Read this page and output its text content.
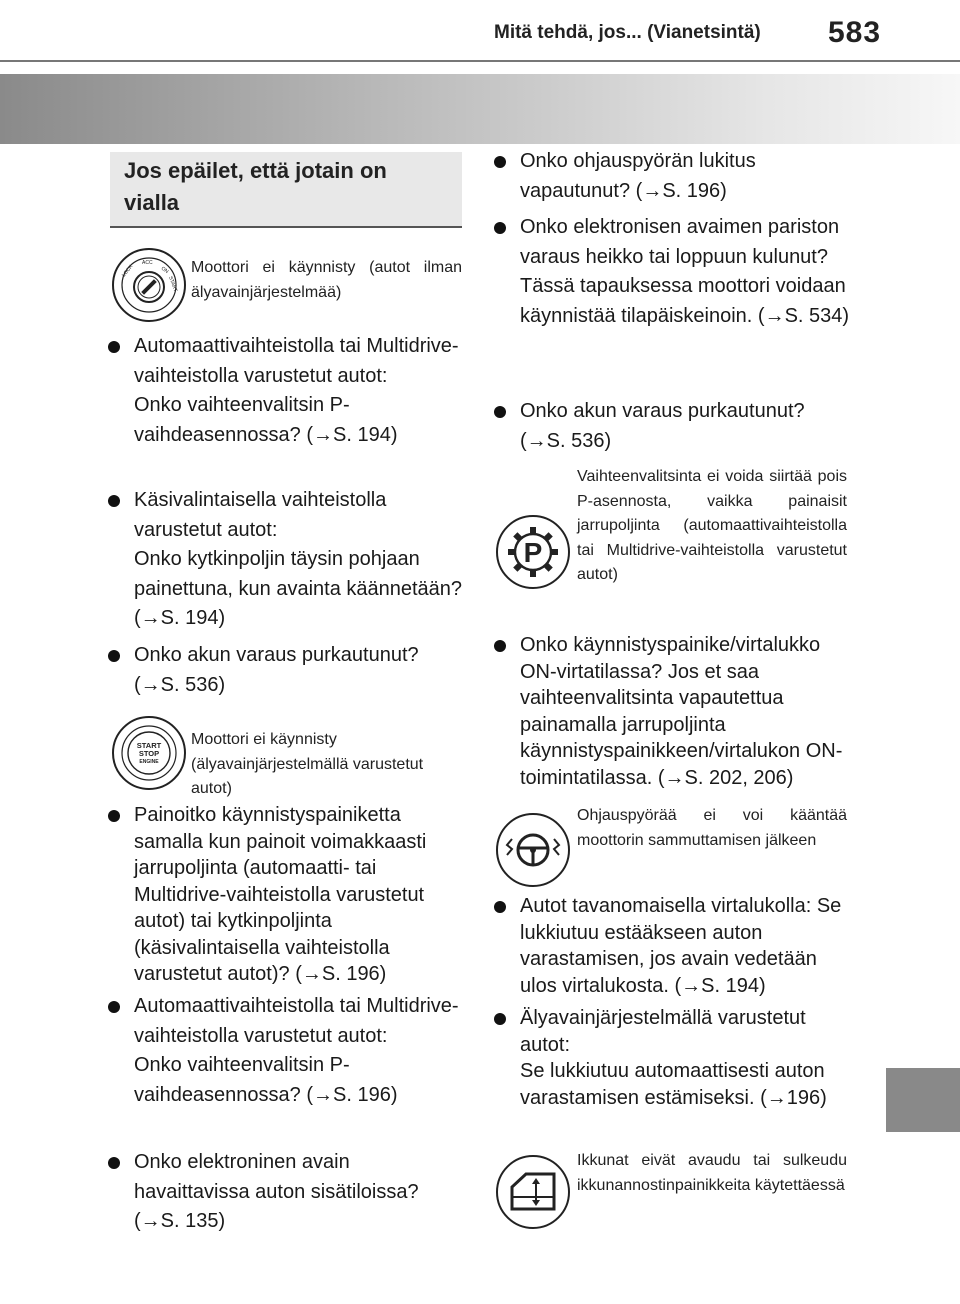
Mitä tehdä, jos... (Vianetsintä) 583
Jos epäilet, että jotain on vialla
LOCK
ACC
ON
START
Moottori ei käynnisty (autot ilman älyavainjärjestelmää)
Automaattivaihteistolla tai Multidrive-vaihteistolla varustetut autot:
Onko vaihteenvalitsin P-vaihdeasennossa? (→S. 194)
Käsivalintaisella vaihteistolla varustetut autot:
Onko kytkinpoljin täysin pohjaan painettuna, kun avainta käännetään? (→S. 194)
Onko akun varaus purkautunut? (→S. 536)
START
STOP
ENGINE
Moottori ei käynnisty (älyavainjärjestelmällä varustetut autot)
Painoitko käynnistyspainiketta samalla kun painoit voimakkaasti jarrupoljinta (automaatti- tai Multidrive-vaihteistolla varustetut autot) tai kytkinpoljinta (käsivalintaisella vaihteistolla varustetut autot)? (→S. 196)
Automaattivaihteistolla tai Multidrive-vaihteistolla varustetut autot:
Onko vaihteenvalitsin P-vaihdeasennossa? (→S. 196)
Onko elektroninen avain havaittavissa auton sisätiloissa? (→S. 135)
Onko ohjauspyörän lukitus vapautunut? (→S. 196)
Onko elektronisen avaimen pariston varaus heikko tai loppuun kulunut?
Tässä tapauksessa moottori voidaan käynnistää tilapäiskeinoin. (→S. 534)
Onko akun varaus purkautunut? (→S. 536)
P
Vaihteenvalitsinta ei voida siirtää pois P-asennosta, vaikka painaisit jarrupoljinta (automaattivaihteistolla tai Multidrive-vaihteistolla varustetut autot)
Onko käynnistyspainike/virtalukko ON-virtatilassa? Jos et saa vaihteenvalitsinta vapautettua painamalla jarrupoljinta käynnistyspainikkeen/virtalukon ON-toimintatilassa. (→S. 202, 206)
Ohjauspyörää ei voi kääntää moottorin sammuttamisen jälkeen
Autot tavanomaisella virtalukolla: Se lukkiutuu estääkseen auton varastamisen, jos avain vedetään ulos virtalukosta. (→S. 194)
Älyavainjärjestelmällä varustetut autot:
Se lukkiutuu automaattisesti auton varastamisen estämiseksi. (→196)
Ikkunat eivät avaudu tai sulkeudu ikkunannostinpainikkeita käytettäessä
